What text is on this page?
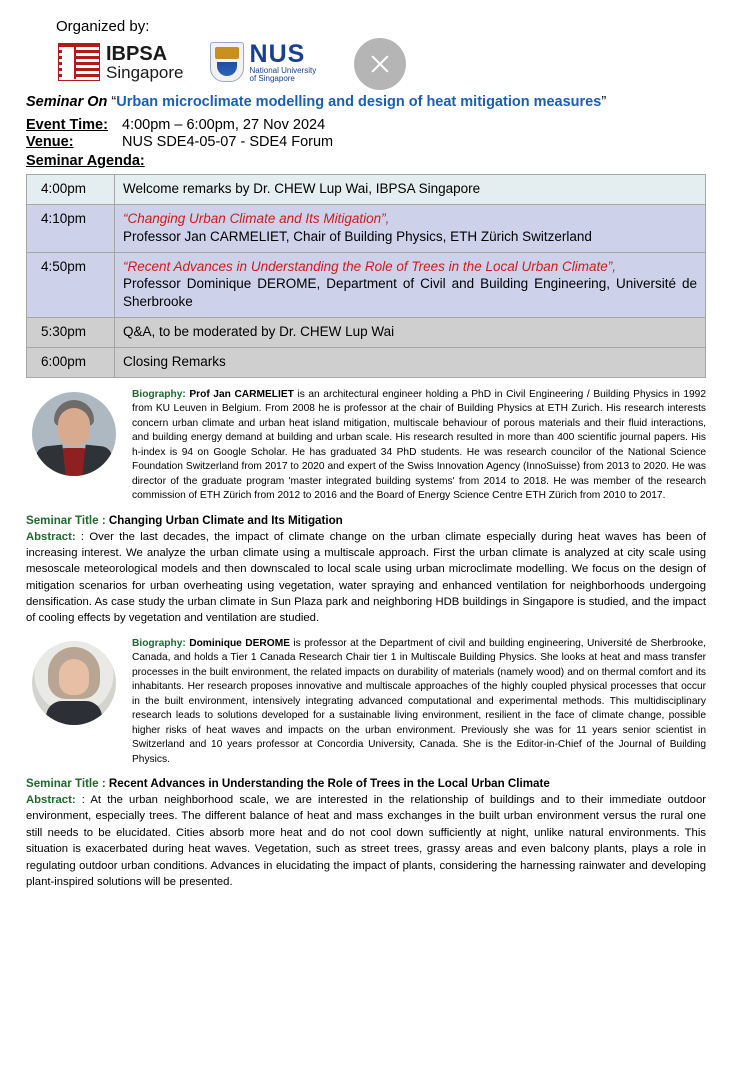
Organized by:
IBPSA
Singapore
NUS
National University
of Singapore
Seminar On “Urban microclimate modelling and design of heat mitigation measures”
Event Time: 4:00pm – 6:00pm, 27 Nov 2024
Venue:	NUS SDE4-05-07 - SDE4 Forum
Seminar Agenda:
4:00pm	Welcome remarks by Dr. CHEW Lup Wai, IBPSA Singapore
4:10pm	“Changing Urban Climate and Its Mitigation”,
Professor Jan CARMELIET, Chair of Building Physics, ETH Zürich Switzerland
4:50pm	“Recent Advances in Understanding the Role of Trees in the Local Urban Climate”,
Professor Dominique DEROME, Department of Civil and Building Engineering, Université de Sherbrooke
5:30pm	Q&A, to be moderated by Dr. CHEW Lup Wai
6:00pm	Closing Remarks
Biography: Prof Jan CARMELIET is an architectural engineer holding a PhD in Civil Engineering / Building Physics in 1992 from KU Leuven in Belgium. From 2008 he is professor at the chair of Building Physics at ETH Zurich. His research interests concern urban climate and urban heat island mitigation, multiscale behaviour of porous materials and their fluid interactions, and building energy demand at building and urban scale. His research resulted in more than 400 scientific journal papers. His h-index is 94 on Google Scholar. He has graduated 34 PhD students. He was research councilor of the National Science Foundation Switzerland from 2017 to 2020 and expert of the Swiss Innovation Agency (InnoSuisse) from 2013 to 2020. He was director of the graduate program 'master integrated building systems' from 2014 to 2018. He was member of the research commission of ETH Zürich from 2012 to 2016 and the Board of Energy Science Centre ETH Zürich from 2010 to 2017.
Seminar Title : Changing Urban Climate and Its Mitigation
Abstract: : Over the last decades, the impact of climate change on the urban climate especially during heat waves has been of increasing interest. We analyze the urban climate using a multiscale approach. First the urban climate is analyzed at city scale using mesoscale meteorological models and then downscaled to local scale using urban microclimate modelling. We focus on the design of mitigation scenarios for urban overheating using vegetation, water spraying and enhanced ventilation for neighborhoods undergoing densification. As case study the urban climate in Sun Plaza park and neighboring HDB buildings in Singapore is studied, and the impact of cooling effects by vegetation and ventilation are studied.
Biography: Dominique DEROME is professor at the Department of civil and building engineering, Université de Sherbrooke, Canada, and holds a Tier 1 Canada Research Chair tier 1 in Multiscale Building Physics. She looks at heat and mass transfer processes in the built environment, the related impacts on durability of materials (namely wood) and on thermal comfort and its inhabitants. Her research proposes innovative and multiscale approaches of the highly coupled physical processes that occur in the built environment, intensively integrating advanced computational and experimental methods. This multidisciplinary research leads to solutions developed for a sustainable living environment, resilient in the face of climate change, possible higher risks of heat waves and impacts on the urban environment. Previously she was for 11 years senior scientist in Switzerland and 10 years professor at Concordia University, Canada. She is the Editor-in-Chief of the Journal of Building Physics.
Seminar Title : Recent Advances in Understanding the Role of Trees in the Local Urban Climate
Abstract: : At the urban neighborhood scale, we are interested in the relationship of buildings and to their immediate outdoor environment, especially trees. The different balance of heat and mass exchanges in the built urban environment versus the rural one still needs to be elucidated. Cities absorb more heat and do not cool down sufficiently at night, unlike natural environments. This situation is exacerbated during heat waves. Vegetation, such as street trees, grassy areas and even balcony plants, plays a role in regulating outdoor urban conditions. Advances in elucidating the impact of plants, considering the harnessing rainwater and developing plant-inspired solutions will be presented.
